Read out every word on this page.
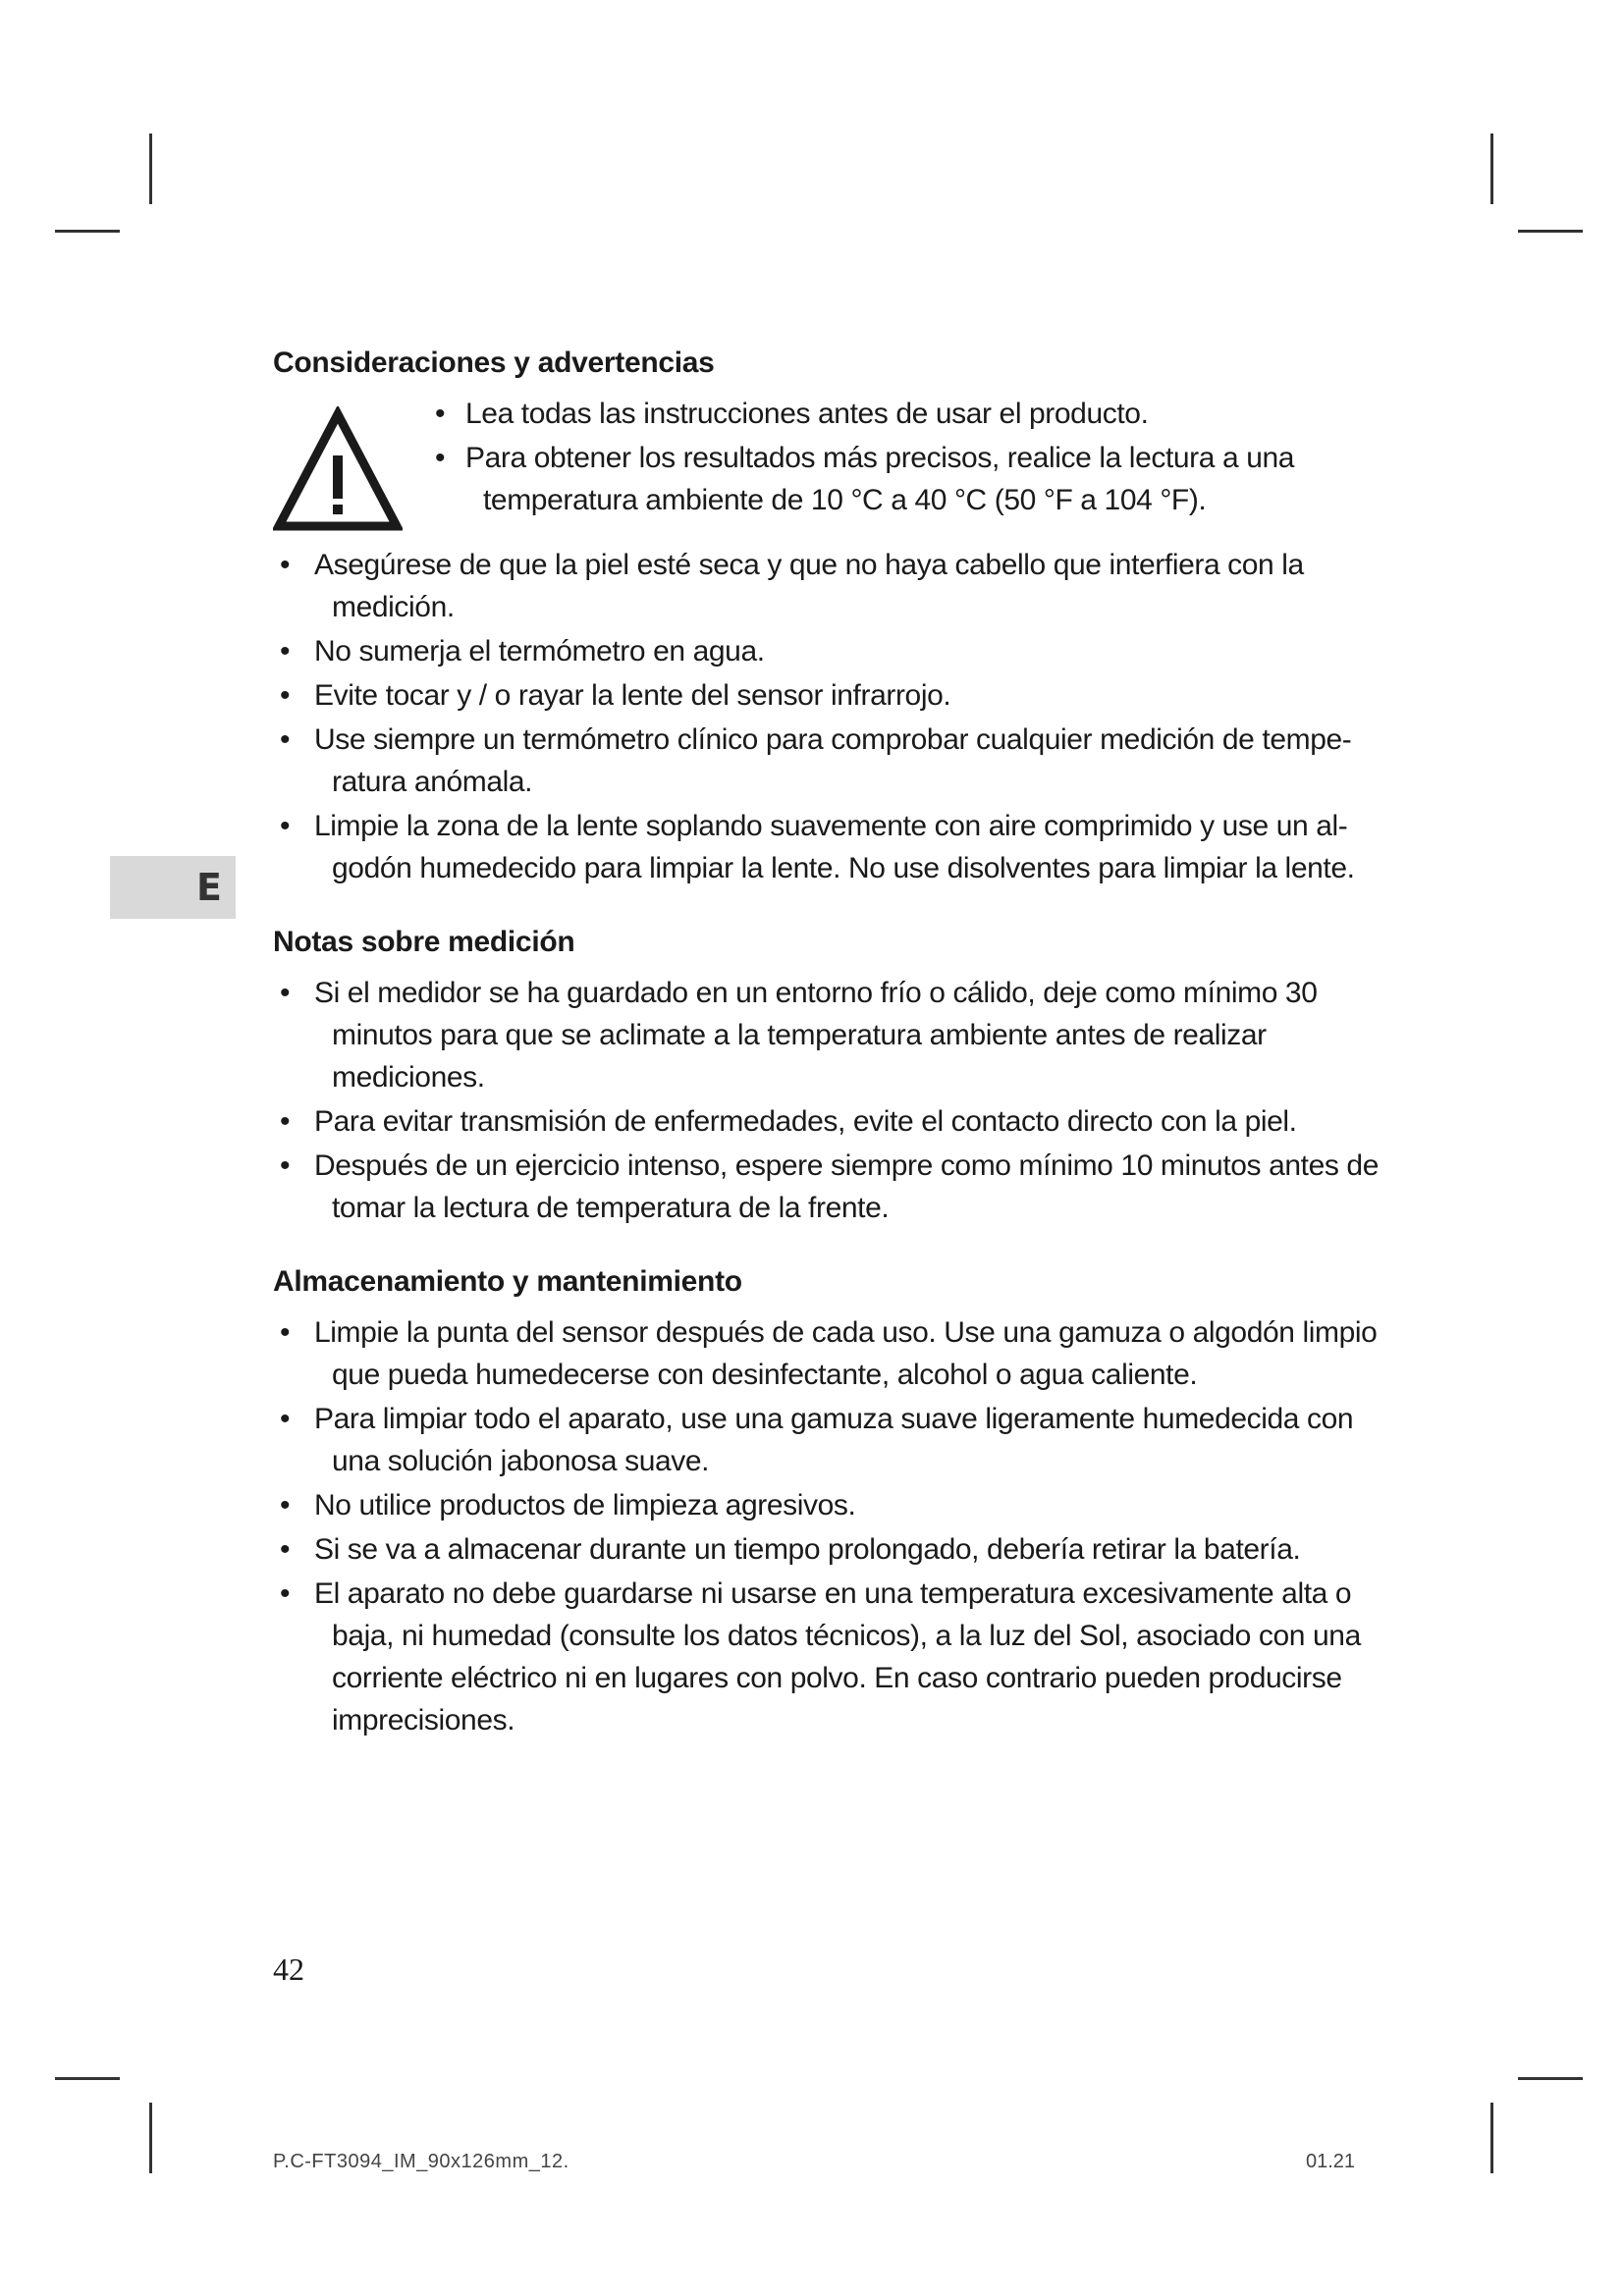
E
Consideraciones y advertencias
• Lea todas las instrucciones antes de usar el producto.
• Para obtener los resultados más precisos, realice la lectura a una temperatura ambiente de 10 °C a 40 °C (50 °F a 104 °F).
• Asegúrese de que la piel esté seca y que no haya cabello que interfiera con la medición.
• No sumerja el termómetro en agua.
• Evite tocar y / o rayar la lente del sensor infrarrojo.
• Use siempre un termómetro clínico para comprobar cualquier medición de tempe-ratura anómala.
• Limpie la zona de la lente soplando suavemente con aire comprimido y use un al-godón humedecido para limpiar la lente. No use disolventes para limpiar la lente.
Notas sobre medición
• Si el medidor se ha guardado en un entorno frío o cálido, deje como mínimo 30 minutos para que se aclimate a la temperatura ambiente antes de realizar mediciones.
• Para evitar transmisión de enfermedades, evite el contacto directo con la piel.
• Después de un ejercicio intenso, espere siempre como mínimo 10 minutos antes de tomar la lectura de temperatura de la frente.
Almacenamiento y mantenimiento
• Limpie la punta del sensor después de cada uso. Use una gamuza o algodón limpio que pueda humedecerse con desinfectante, alcohol o agua caliente.
• Para limpiar todo el aparato, use una gamuza suave ligeramente humedecida con una solución jabonosa suave.
• No utilice productos de limpieza agresivos.
• Si se va a almacenar durante un tiempo prolongado, debería retirar la batería.
• El aparato no debe guardarse ni usarse en una temperatura excesivamente alta o baja, ni humedad (consulte los datos técnicos), a la luz del Sol, asociado con una corriente eléctrico ni en lugares con polvo. En caso contrario pueden producirse imprecisiones.
42
P.C-FT3094_IM_90x126mm_12.	01.21
